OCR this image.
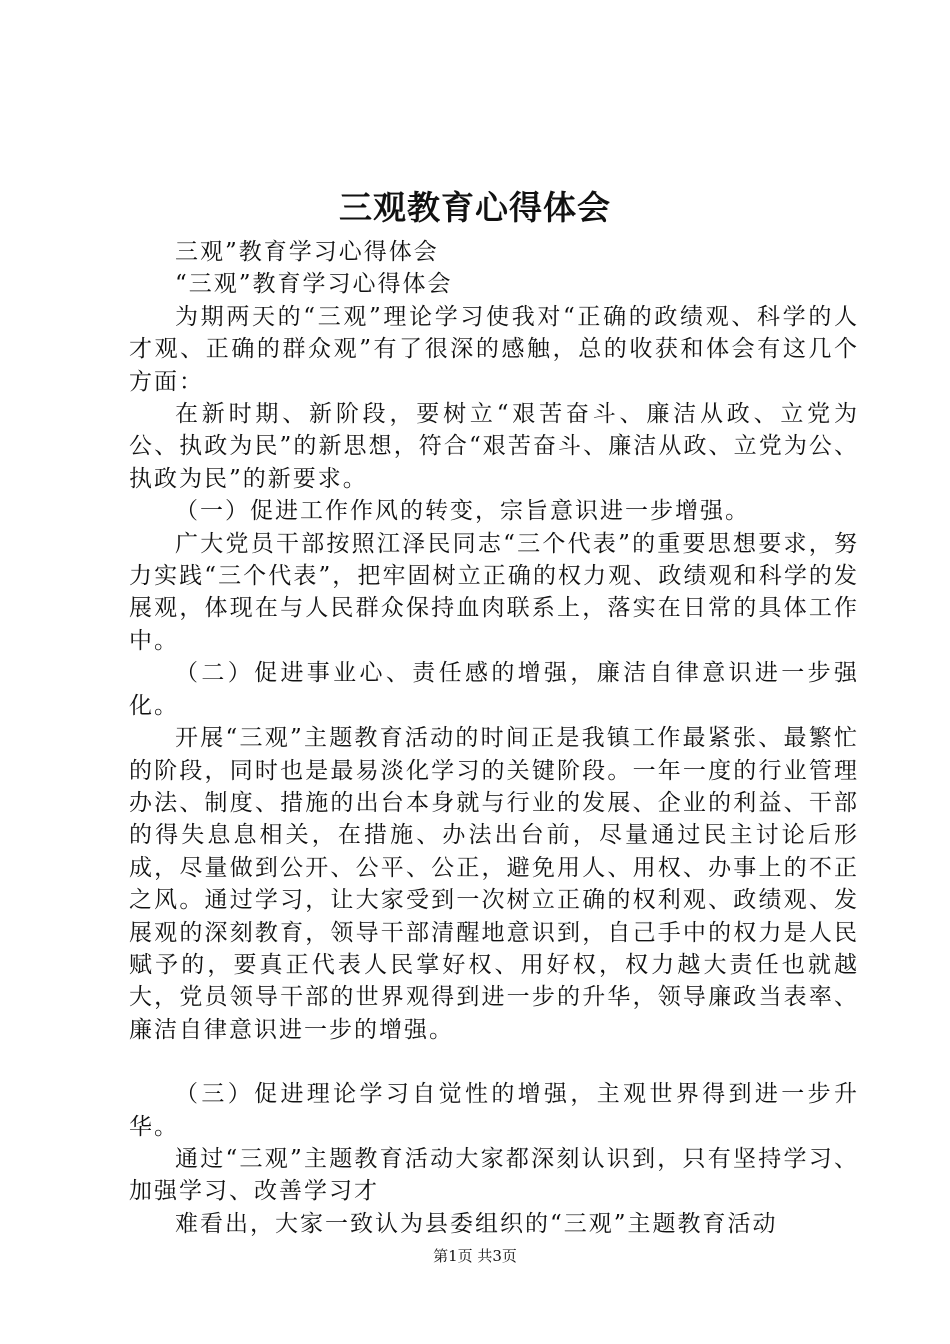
三观教育心得体会

三观”教育学习心得体会

“三观”教育学习心得体会

为期两天的“三观”理论学习使我对“正确的政绩观、科学的人才观、正确的群众观”有了很深的感触，总的收获和体会有这几个方面：

在新时期、新阶段，要树立“艰苦奋斗、廉洁从政、立党为公、执政为民”的新思想，符合“艰苦奋斗、廉洁从政、立党为公、执政为民”的新要求。

（一）促进工作作风的转变，宗旨意识进一步增强。

广大党员干部按照江泽民同志“三个代表”的重要思想要求，努力实践“三个代表”，把牢固树立正确的权力观、政绩观和科学的发展观，体现在与人民群众保持血肉联系上，落实在日常的具体工作中。

（二）促进事业心、责任感的增强，廉洁自律意识进一步强化。

开展“三观”主题教育活动的时间正是我镇工作最紧张、最繁忙的阶段，同时也是最易淡化学习的关键阶段。一年一度的行业管理办法、制度、措施的出台本身就与行业的发展、企业的利益、干部的得失息息相关，在措施、办法出台前，尽量通过民主讨论后形成，尽量做到公开、公平、公正，避免用人、用权、办事上的不正之风。通过学习，让大家受到一次树立正确的权利观、政绩观、发展观的深刻教育，领导干部清醒地意识到，自己手中的权力是人民赋予的，要真正代表人民掌好权、用好权，权力越大责任也就越大，党员领导干部的世界观得到进一步的升华，领导廉政当表率、廉洁自律意识进一步的增强。

（三）促进理论学习自觉性的增强，主观世界得到进一步升华。

通过“三观”主题教育活动大家都深刻认识到，只有坚持学习、加强学习、改善学习才

难看出，大家一致认为县委组织的“三观”主题教育活动

第1页 共3页
